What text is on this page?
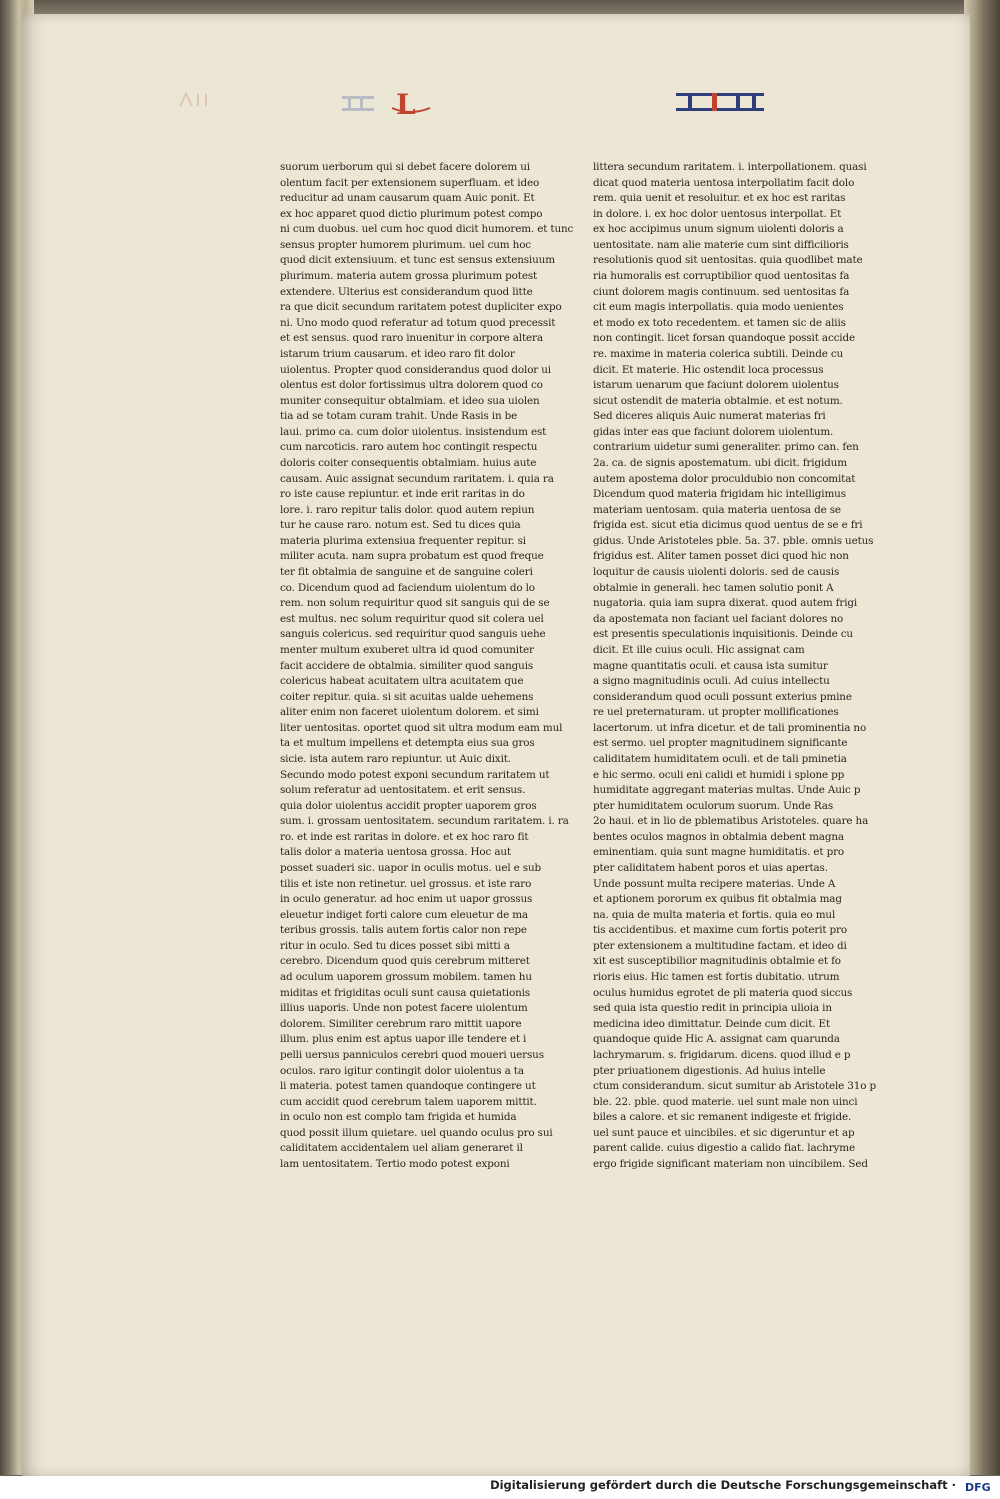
L	III
suorum uerborum qui si debet facere dolorem ui
olentum facit per extensionem superfluam. et ideo
reducitur ad unam causarum quam Auic ponit. Et
ex hoc apparet quod dictio plurimum potest compo
ni cum duobus. uel cum hoc quod dicit humorem. et tunc
sensus propter humorem plurimum. uel cum hoc
quod dicit extensiuum. et tunc est sensus extensiuum
plurimum. materia autem grossa plurimum potest
extendere. Ulterius est considerandum quod litte
ra que dicit secundum raritatem potest dupliciter expo
ni. Uno modo quod referatur ad totum quod precessit
et est sensus. quod raro inuenitur in corpore altera
istarum trium causarum. et ideo raro fit dolor
uiolentus. Propter quod considerandus quod dolor ui
olentus est dolor fortissimus ultra dolorem quod co
muniter consequitur obtalmiam. et ideo sua uiolen
tia ad se totam curam trahit. Unde Rasis in be
laui. primo ca. cum dolor uiolentus. insistendum est
cum narcoticis. raro autem hoc contingit respectu
doloris coiter consequentis obtalmiam. huius aute
causam. Auic assignat secundum raritatem. i. quia ra
ro iste cause repiuntur. et inde erit raritas in do
lore. i. raro repitur talis dolor. quod autem repiun
tur he cause raro. notum est. Sed tu dices quia
materia plurima extensiua frequenter repitur. si
militer acuta. nam supra probatum est quod freque
ter fit obtalmia de sanguine et de sanguine coleri
co. Dicendum quod ad faciendum uiolentum do lo
rem. non solum requiritur quod sit sanguis qui de se
est multus. nec solum requiritur quod sit colera uel
sanguis colericus. sed requiritur quod sanguis uehe
menter multum exuberet ultra id quod comuniter
facit accidere de obtalmia. similiter quod sanguis
colericus habeat acuitatem ultra acuitatem que
coiter repitur. quia. si sit acuitas ualde uehemens
aliter enim non faceret uiolentum dolorem. et simi
liter uentositas. oportet quod sit ultra modum eam mul
ta et multum impellens et detempta eius sua gros
sicie. ista autem raro repiuntur. ut Auic dixit.
Secundo modo potest exponi secundum raritatem ut
solum referatur ad uentositatem. et erit sensus.
quia dolor uiolentus accidit propter uaporem gros
sum. i. grossam uentositatem. secundum raritatem. i. ra
ro. et inde est raritas in dolore. et ex hoc raro fit
talis dolor a materia uentosa grossa. Hoc aut
posset suaderi sic. uapor in oculis motus. uel e sub
tilis et iste non retinetur. uel grossus. et iste raro
in oculo generatur. ad hoc enim ut uapor grossus
eleuetur indiget forti calore cum eleuetur de ma
teribus grossis. talis autem fortis calor non repe
ritur in oculo. Sed tu dices posset sibi mitti a
cerebro. Dicendum quod quis cerebrum mitteret
ad oculum uaporem grossum mobilem. tamen hu
miditas et frigiditas oculi sunt causa quietationis
illius uaporis. Unde non potest facere uiolentum
dolorem. Similiter cerebrum raro mittit uapore
illum. plus enim est aptus uapor ille tendere et i
pelli uersus panniculos cerebri quod moueri uersus
oculos. raro igitur contingit dolor uiolentus a ta
li materia. potest tamen quandoque contingere ut
cum accidit quod cerebrum talem uaporem mittit.
in oculo non est complo tam frigida et humida
quod possit illum quietare. uel quando oculus pro sui
caliditatem accidentalem uel aliam generaret il
lam uentositatem. Tertio modo potest exponi
littera secundum raritatem. i. interpollationem. quasi
dicat quod materia uentosa interpollatim facit dolo
rem. quia uenit et resoluitur. et ex hoc est raritas
in dolore. i. ex hoc dolor uentosus interpollat. Et
ex hoc accipimus unum signum uiolenti doloris a
uentositate. nam alie materie cum sint difficilioris
resolutionis quod sit uentositas. quia quodlibet mate
ria humoralis est corruptibilior quod uentositas fa
ciunt dolorem magis continuum. sed uentositas fa
cit eum magis interpollatis. quia modo uenientes
et modo ex toto recedentem. et tamen sic de aliis
non contingit. licet forsan quandoque possit accide
re. maxime in materia colerica subtili. Deinde cu
dicit. Et materie. Hic ostendit loca processus
istarum uenarum que faciunt dolorem uiolentus
sicut ostendit de materia obtalmie. et est notum.
Sed diceres aliquis Auic numerat materias fri
gidas inter eas que faciunt dolorem uiolentum.
contrarium uidetur sumi generaliter. primo can. fen
2a. ca. de signis apostematum. ubi dicit. frigidum
autem apostema dolor proculdubio non concomitat
Dicendum quod materia frigidam hic intelligimus
materiam uentosam. quia materia uentosa de se
frigida est. sicut etia dicimus quod uentus de se e fri
gidus. Unde Aristoteles pble. 5a. 37. pble. omnis uetus
frigidus est. Aliter tamen posset dici quod hic non
loquitur de causis uiolenti doloris. sed de causis
obtalmie in generali. hec tamen solutio ponit A
nugatoria. quia iam supra dixerat. quod autem frigi
da apostemata non faciant uel faciant dolores no
est presentis speculationis inquisitionis. Deinde cu
dicit. Et ille cuius oculi. Hic assignat cam
magne quantitatis oculi. et causa ista sumitur
a signo magnitudinis oculi. Ad cuius intellectu
considerandum quod oculi possunt exterius pmine
re uel preternaturam. ut propter mollificationes
lacertorum. ut infra dicetur. et de tali prominentia no
est sermo. uel propter magnitudinem significante
caliditatem humiditatem oculi. et de tali pminetia
e hic sermo. oculi eni calidi et humidi i splone pp
humiditate aggregant materias multas. Unde Auic p
pter humiditatem oculorum suorum. Unde Ras
2o haui. et in lio de pblematibus Aristoteles. quare ha
bentes oculos magnos in obtalmia debent magna
eminentiam. quia sunt magne humiditatis. et pro
pter caliditatem habent poros et uias apertas.
Unde possunt multa recipere materias. Unde A
et aptionem pororum ex quibus fit obtalmia mag
na. quia de multa materia et fortis. quia eo mul
tis accidentibus. et maxime cum fortis poterit pro
pter extensionem a multitudine factam. et ideo di
xit est susceptibilior magnitudinis obtalmie et fo
rioris eius. Hic tamen est fortis dubitatio. utrum
oculus humidus egrotet de pli materia quod siccus
sed quia ista questio redit in principia ulioia in
medicina ideo dimittatur. Deinde cum dicit. Et
quandoque quide Hic A. assignat cam quarunda
lachrymarum. s. frigidarum. dicens. quod illud e p
pter priuationem digestionis. Ad huius intelle
ctum considerandum. sicut sumitur ab Aristotele 31o p
ble. 22. pble. quod materie. uel sunt male non uinci
biles a calore. et sic remanent indigeste et frigide.
uel sunt pauce et uincibiles. et sic digeruntur et ap
parent calide. cuius digestio a calido fiat. lachryme
ergo frigide significant materiam non uincibilem. Sed
Digitalisierung gefördert durch die Deutsche Forschungsgemeinschaft · DFG
